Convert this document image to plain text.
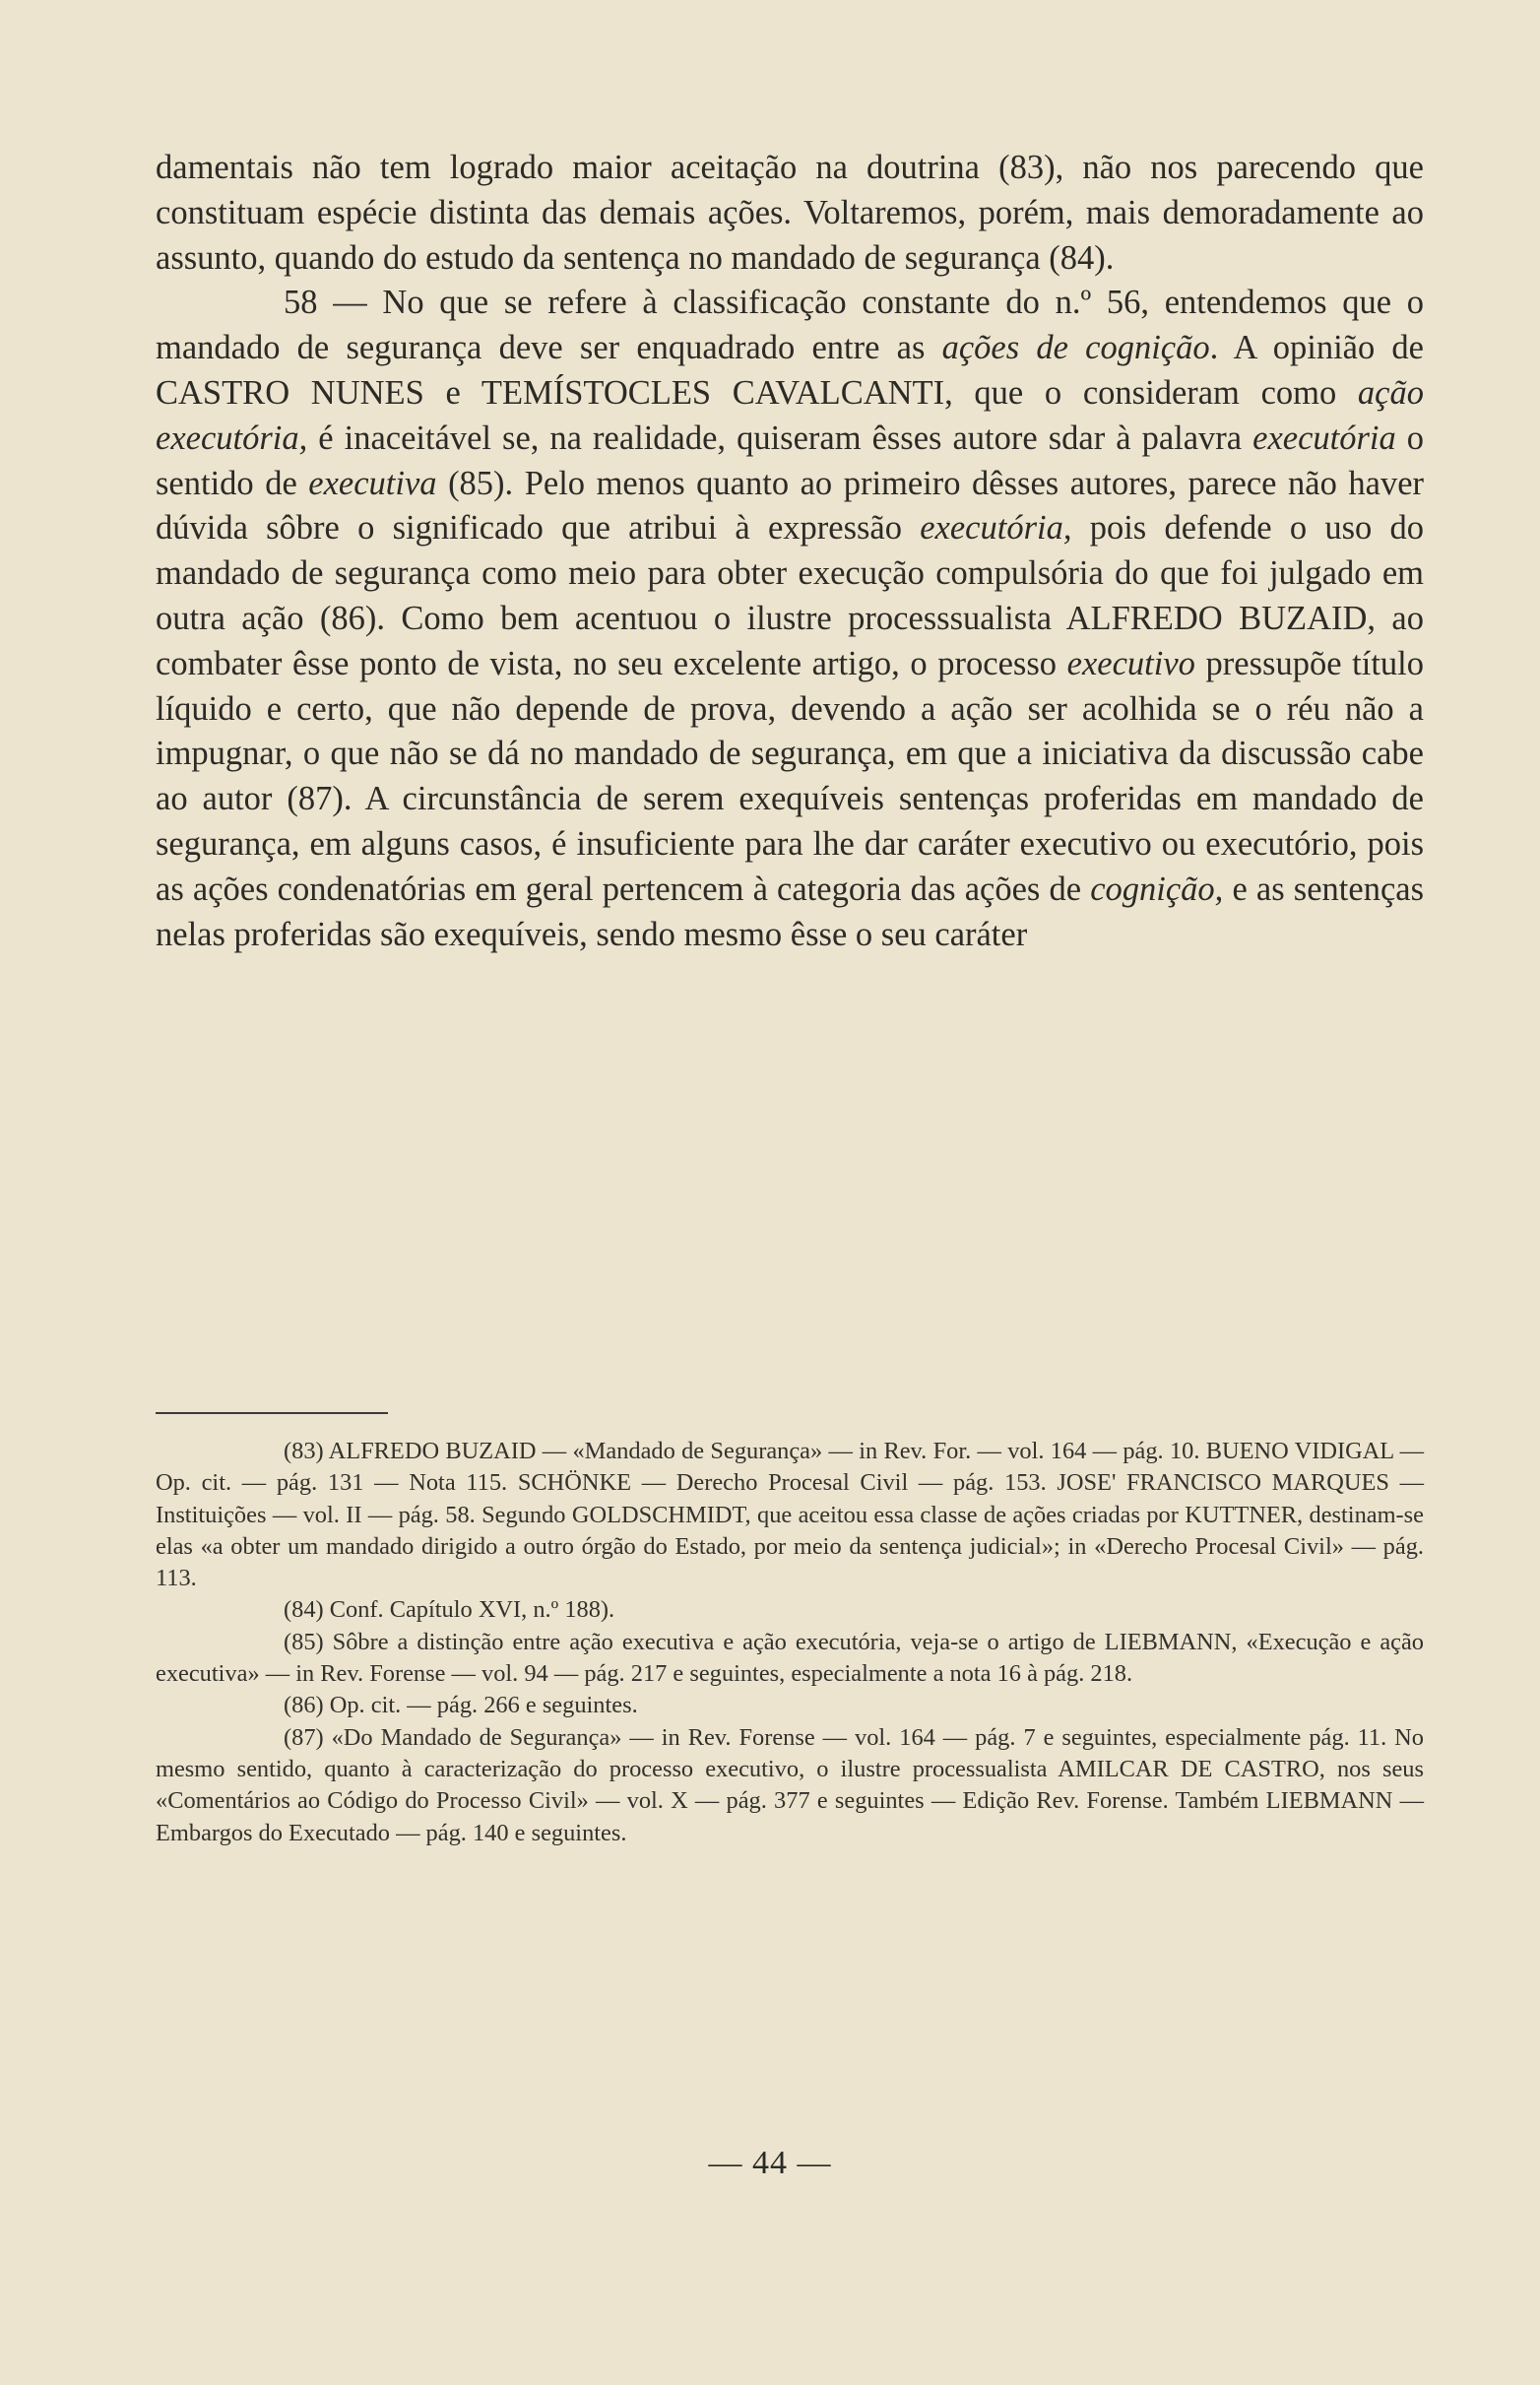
damentais não tem logrado maior aceitação na doutrina (83), não nos parecendo que constituam espécie distinta das demais ações. Voltaremos, porém, mais demoradamente ao assunto, quando do estudo da sentença no mandado de segurança (84).

58 — No que se refere à classificação constante do n.º 56, entendemos que o mandado de segurança deve ser enquadrado entre as ações de cognição. A opinião de CASTRO NUNES e TEMÍSTOCLES CAVALCANTI, que o consideram como ação executória, é inaceitável se, na realidade, quiseram êsses autore sdar à palavra executória o sentido de executiva (85). Pelo menos quanto ao primeiro dêsses autores, parece não haver dúvida sôbre o significado que atribui à expressão executória, pois defende o uso do mandado de segurança como meio para obter execução compulsória do que foi julgado em outra ação (86). Como bem acentuou o ilustre processsualista ALFREDO BUZAID, ao combater êsse ponto de vista, no seu excelente artigo, o processo executivo pressupõe título líquido e certo, que não depende de prova, devendo a ação ser acolhida se o réu não a impugnar, o que não se dá no mandado de segurança, em que a iniciativa da discussão cabe ao autor (87). A circunstância de serem exequíveis sentenças proferidas em mandado de segurança, em alguns casos, é insuficiente para lhe dar caráter executivo ou executório, pois as ações condenatórias em geral pertencem à categoria das ações de cognição, e as sentenças nelas proferidas são exequíveis, sendo mesmo êsse o seu caráter

(83) ALFREDO BUZAID — «Mandado de Segurança» — in Rev. For. — vol. 164 — pág. 10. BUENO VIDIGAL — Op. cit. — pág. 131 — Nota 115. SCHÖNKE — Derecho Procesal Civil — pág. 153. JOSE' FRANCISCO MARQUES — Instituições — vol. II — pág. 58. Segundo GOLDSCHMIDT, que aceitou essa classe de ações criadas por KUTTNER, destinam-se elas «a obter um mandado dirigido a outro órgão do Estado, por meio da sentença judicial»; in «Derecho Procesal Civil» — pág. 113.

(84) Conf. Capítulo XVI, n.º 188).

(85) Sôbre a distinção entre ação executiva e ação executória, veja-se o artigo de LIEBMANN, «Execução e ação executiva» — in Rev. Forense — vol. 94 — pág. 217 e seguintes, especialmente a nota 16 à pág. 218.

(86) Op. cit. — pág. 266 e seguintes.

(87) «Do Mandado de Segurança» — in Rev. Forense — vol. 164 — pág. 7 e seguintes, especialmente pág. 11. No mesmo sentido, quanto à caracterização do processo executivo, o ilustre processualista AMILCAR DE CASTRO, nos seus «Comentários ao Código do Processo Civil» — vol. X — pág. 377 e seguintes — Edição Rev. Forense. Também LIEBMANN — Embargos do Executado — pág. 140 e seguintes.

— 44 —
